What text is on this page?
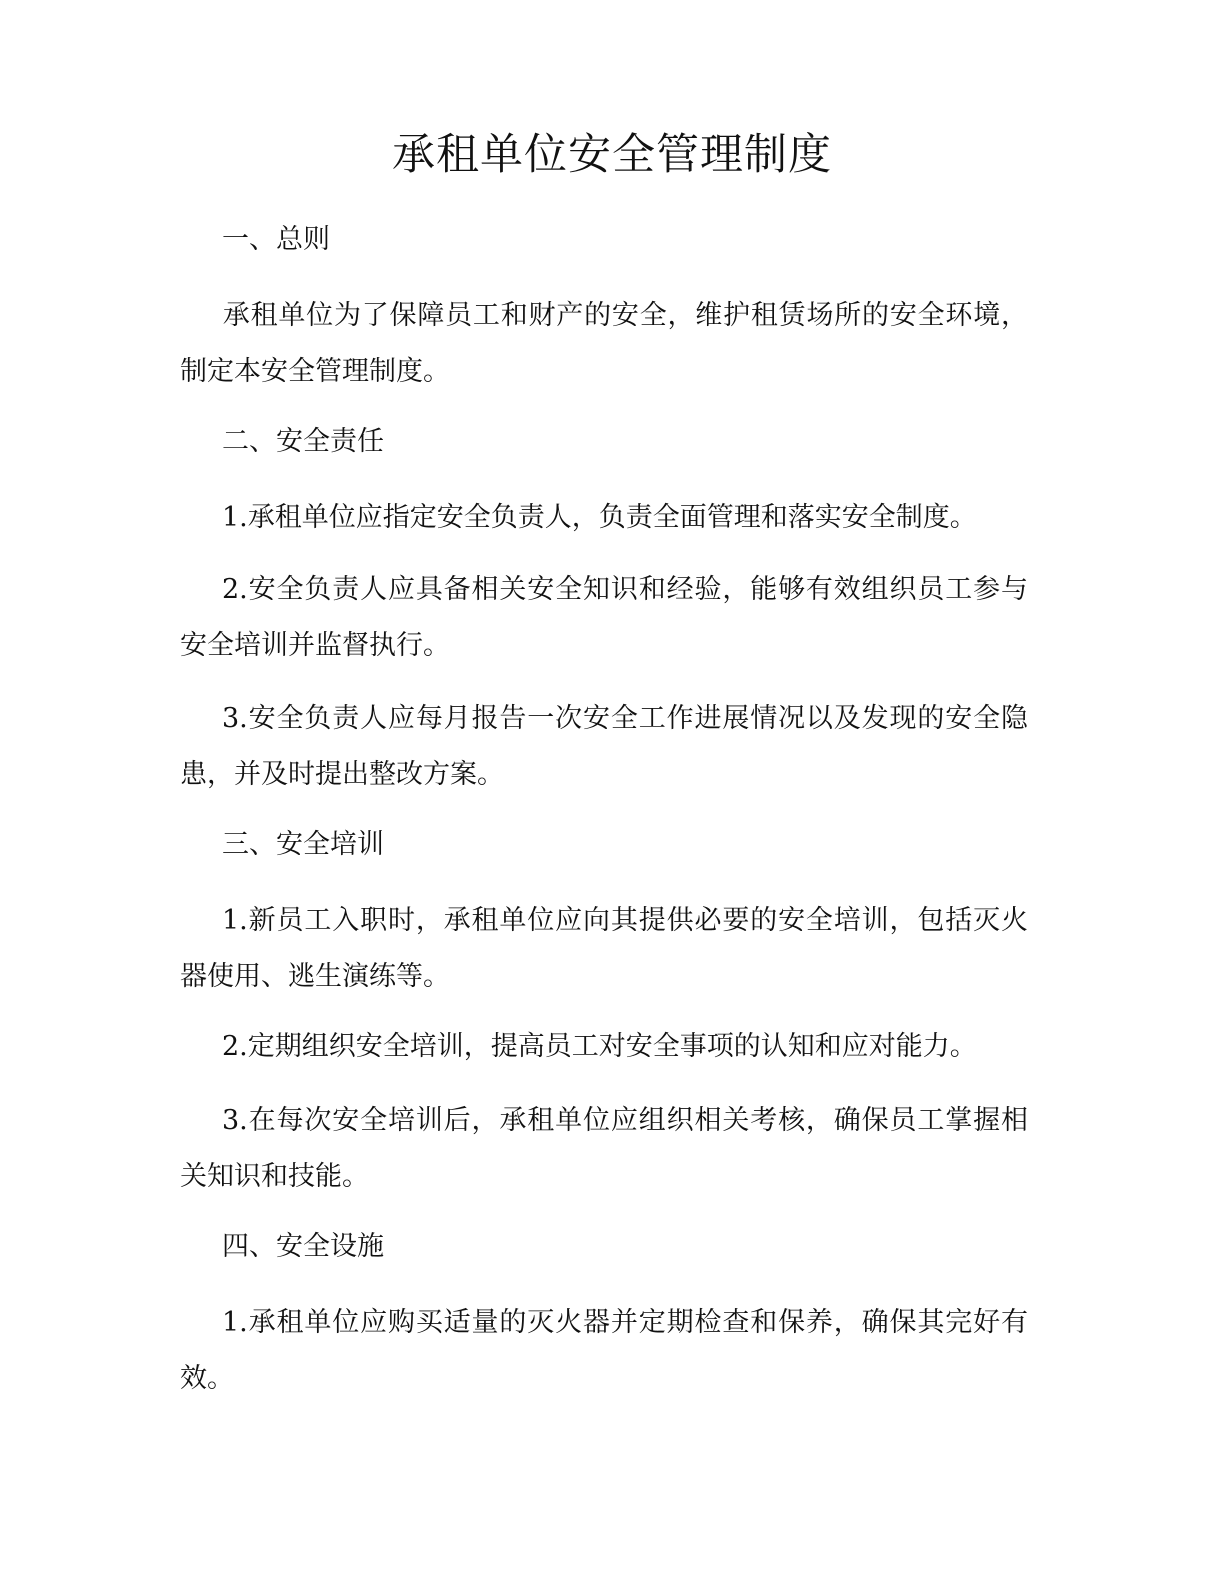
承租单位安全管理制度

一、总则

承租单位为了保障员工和财产的安全，维护租赁场所的安全环境，制定本安全管理制度。

二、安全责任

1.承租单位应指定安全负责人，负责全面管理和落实安全制度。

2.安全负责人应具备相关安全知识和经验，能够有效组织员工参与安全培训并监督执行。

3.安全负责人应每月报告一次安全工作进展情况以及发现的安全隐患，并及时提出整改方案。

三、安全培训

1.新员工入职时，承租单位应向其提供必要的安全培训，包括灭火器使用、逃生演练等。

2.定期组织安全培训，提高员工对安全事项的认知和应对能力。

3.在每次安全培训后，承租单位应组织相关考核，确保员工掌握相关知识和技能。

四、安全设施

1.承租单位应购买适量的灭火器并定期检查和保养，确保其完好有效。
